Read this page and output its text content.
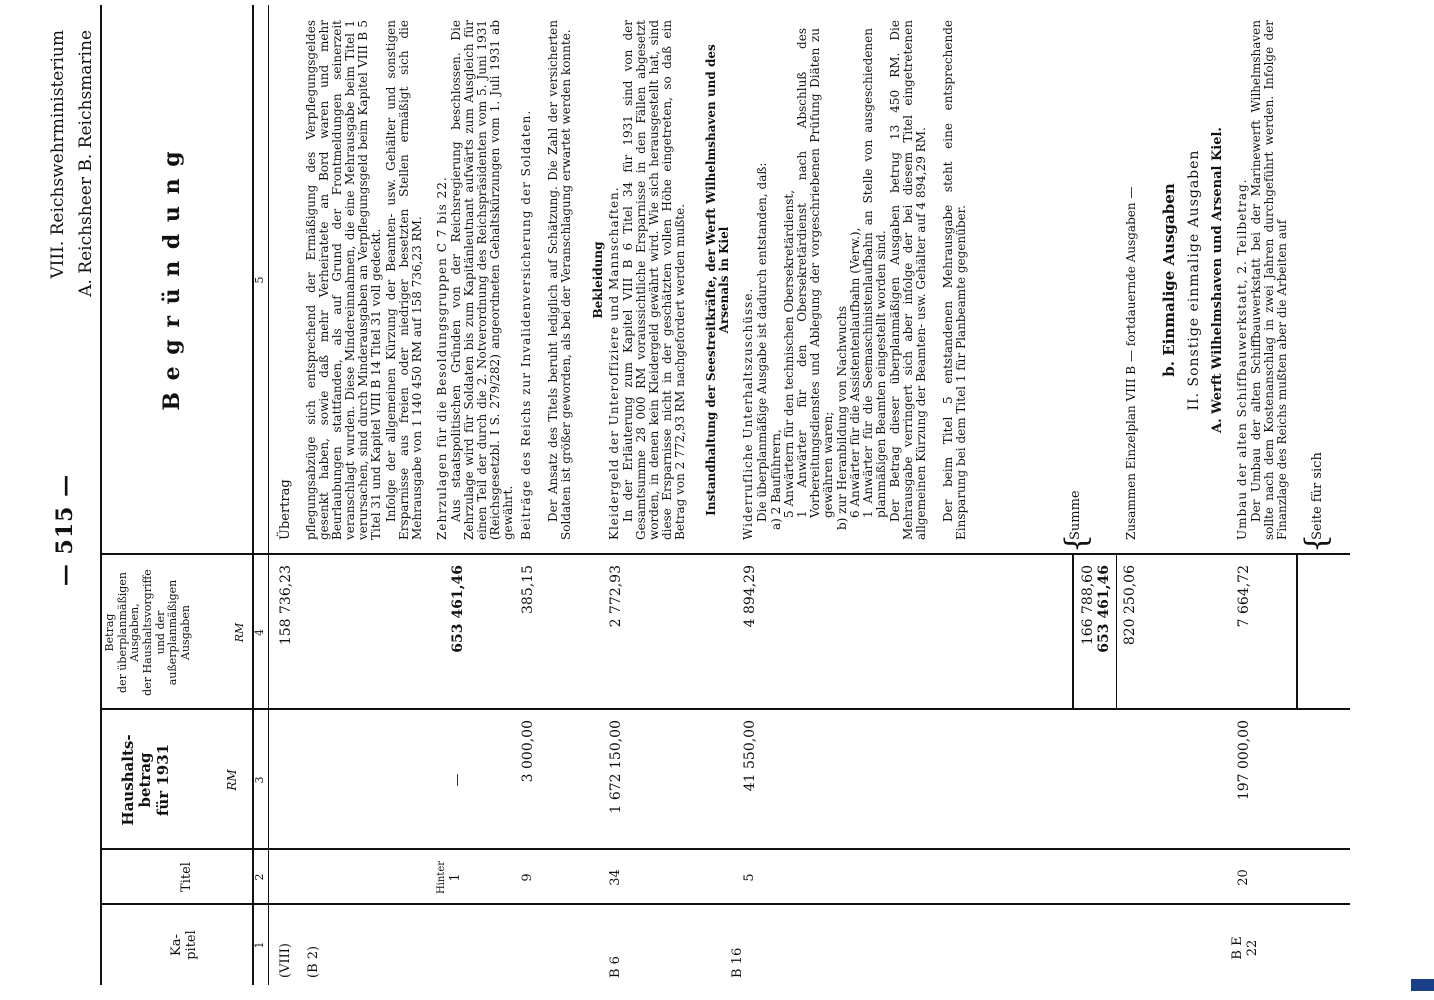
— 515 —
VIII. Reichswehrministerium A. Reichsheer B. Reichsmarine
Ka-
pitel
Titel
Haushalts-
betrag
für 1931	RM
Betrag
der überplanmäßigen
Ausgaben,
der Haushaltsvorgriffe
und der
außerplanmäßigen
Ausgaben	RM
B e g r ü n d u n g
1
2
3
4
5
(VIII)
158 736,23
Übertrag
(B 2)
pflegungsabzüge sich entsprechend der Ermäßigung des Verpflegungsgeldes gesenkt haben, sowie daß mehr Verheiratete an Bord waren und mehr Beurlaubungen stattfanden, als auf Grund der Frontmeldungen seinerzeit veranschlagt wurden. Diese Mindereinnahmen, die eine Mehrausgabe beim Titel 1 verursachen, sind durch Minderausgaben an Verpflegungsgeld beim Kapitel VIII B 5 Titel 31 und Kapitel VIII B 14 Titel 31 voll gedeckt. Infolge der allgemeinen Kürzung der Beamten- usw. Gehälter und sonstigen Ersparnisse aus freien oder niedriger besetzten Stellen ermäßigt sich die Mehrausgabe von 1 140 450 RM auf 158 736,23 RM.
Hinter 1
—
653 461,46
Zehrzulagen für die Besoldungsgruppen C 7 bis 22. Aus staatspolitischen Gründen von der Reichsregierung beschlossen. Die Zehrzulage wird für Soldaten bis zum Kapitänleutnant aufwärts zum Ausgleich für einen Teil der durch die 2. Notverordnung des Reichspräsidenten vom 5. Juni 1931 (Reichsgesetzbl. I S. 279/282) angeordneten Gehaltskürzungen vom 1. Juli 1931 ab gewährt.
9
3 000,00
385,15
Beiträge des Reichs zur Invalidenversicherung der Soldaten. Der Ansatz des Titels beruht lediglich auf Schätzung. Die Zahl der versicherten Soldaten ist größer geworden, als bei der Veranschlagung erwartet werden konnte. Bekleidung
B 6
34
1 672 150,00
2 772,93
Kleidergeld der Unteroffiziere und Mannschaften. In der Erläuterung zum Kapitel VIII B 6 Titel 34 für 1931 sind von der Gesamtsumme 28 000 RM voraussichtliche Ersparnisse in den Fällen abgesetzt worden, in denen kein Kleidergeld gewährt wird. Wie sich herausgestellt hat, sind diese Ersparnisse nicht in der geschätzten vollen Höhe eingetreten, so daß ein Betrag von 2 772,93 RM nachgefordert werden mußte.
B 16
Instandhaltung der Seestreitkräfte, der Werft Wilhelmshaven und des Arsenals in Kiel
5
41 550,00
4 894,29
Widerrufliche Unterhaltszuschüsse. Die überplanmäßige Ausgabe ist dadurch entstanden, daß: a) 2 Bauführern, 5 Anwärtern für den technischen Obersekretärdienst, 1 Anwärter für den Obersekretärdienst nach Abschluß des Vorbereitungsdienstes und Ablegung der vorgeschriebenen Prüfung Diäten zu gewähren waren; b) zur Heranbildung von Nachwuchs 6 Anwärter für die Assistentenlaufbahn (Verw.), 1 Anwärter für die Seemaschinistenlaufbahn an Stelle von ausgeschiedenen planmäßigen Beamten eingestellt worden sind. Der Betrag dieser überplanmäßigen Ausgaben betrug 13 450 RM. Die Mehrausgabe verringert sich aber infolge der bei diesem Titel eingetretenen allgemeinen Kürzung der Beamten- usw. Gehälter auf 4 894,29 RM. Der beim Titel 5 entstandenen Mehrausgabe steht eine entsprechende Einsparung bei dem Titel 1 für Planbeamte gegenüber.
{
Summe
166 788,60 653 461,46 820 250,06
Zusammen Einzelplan VIII B — fortdauernde Ausgaben — b. Einmalige Ausgaben II. Sonstige einmalige Ausgaben A. Werft Wilhelmshaven und Arsenal Kiel.
B E
22
20
197 000,00
7 664,72
Umbau der alten Schiffbauwerkstatt, 2. Teilbetrag. Der Umbau der alten Schiffbauwerkstatt bei der Marinewerft Wilhelmshaven sollte nach dem Kostenanschlag in zwei Jahren durchgeführt werden. Infolge der Finanzlage des Reichs mußten aber die Arbeiten auf
{
Seite für sich
